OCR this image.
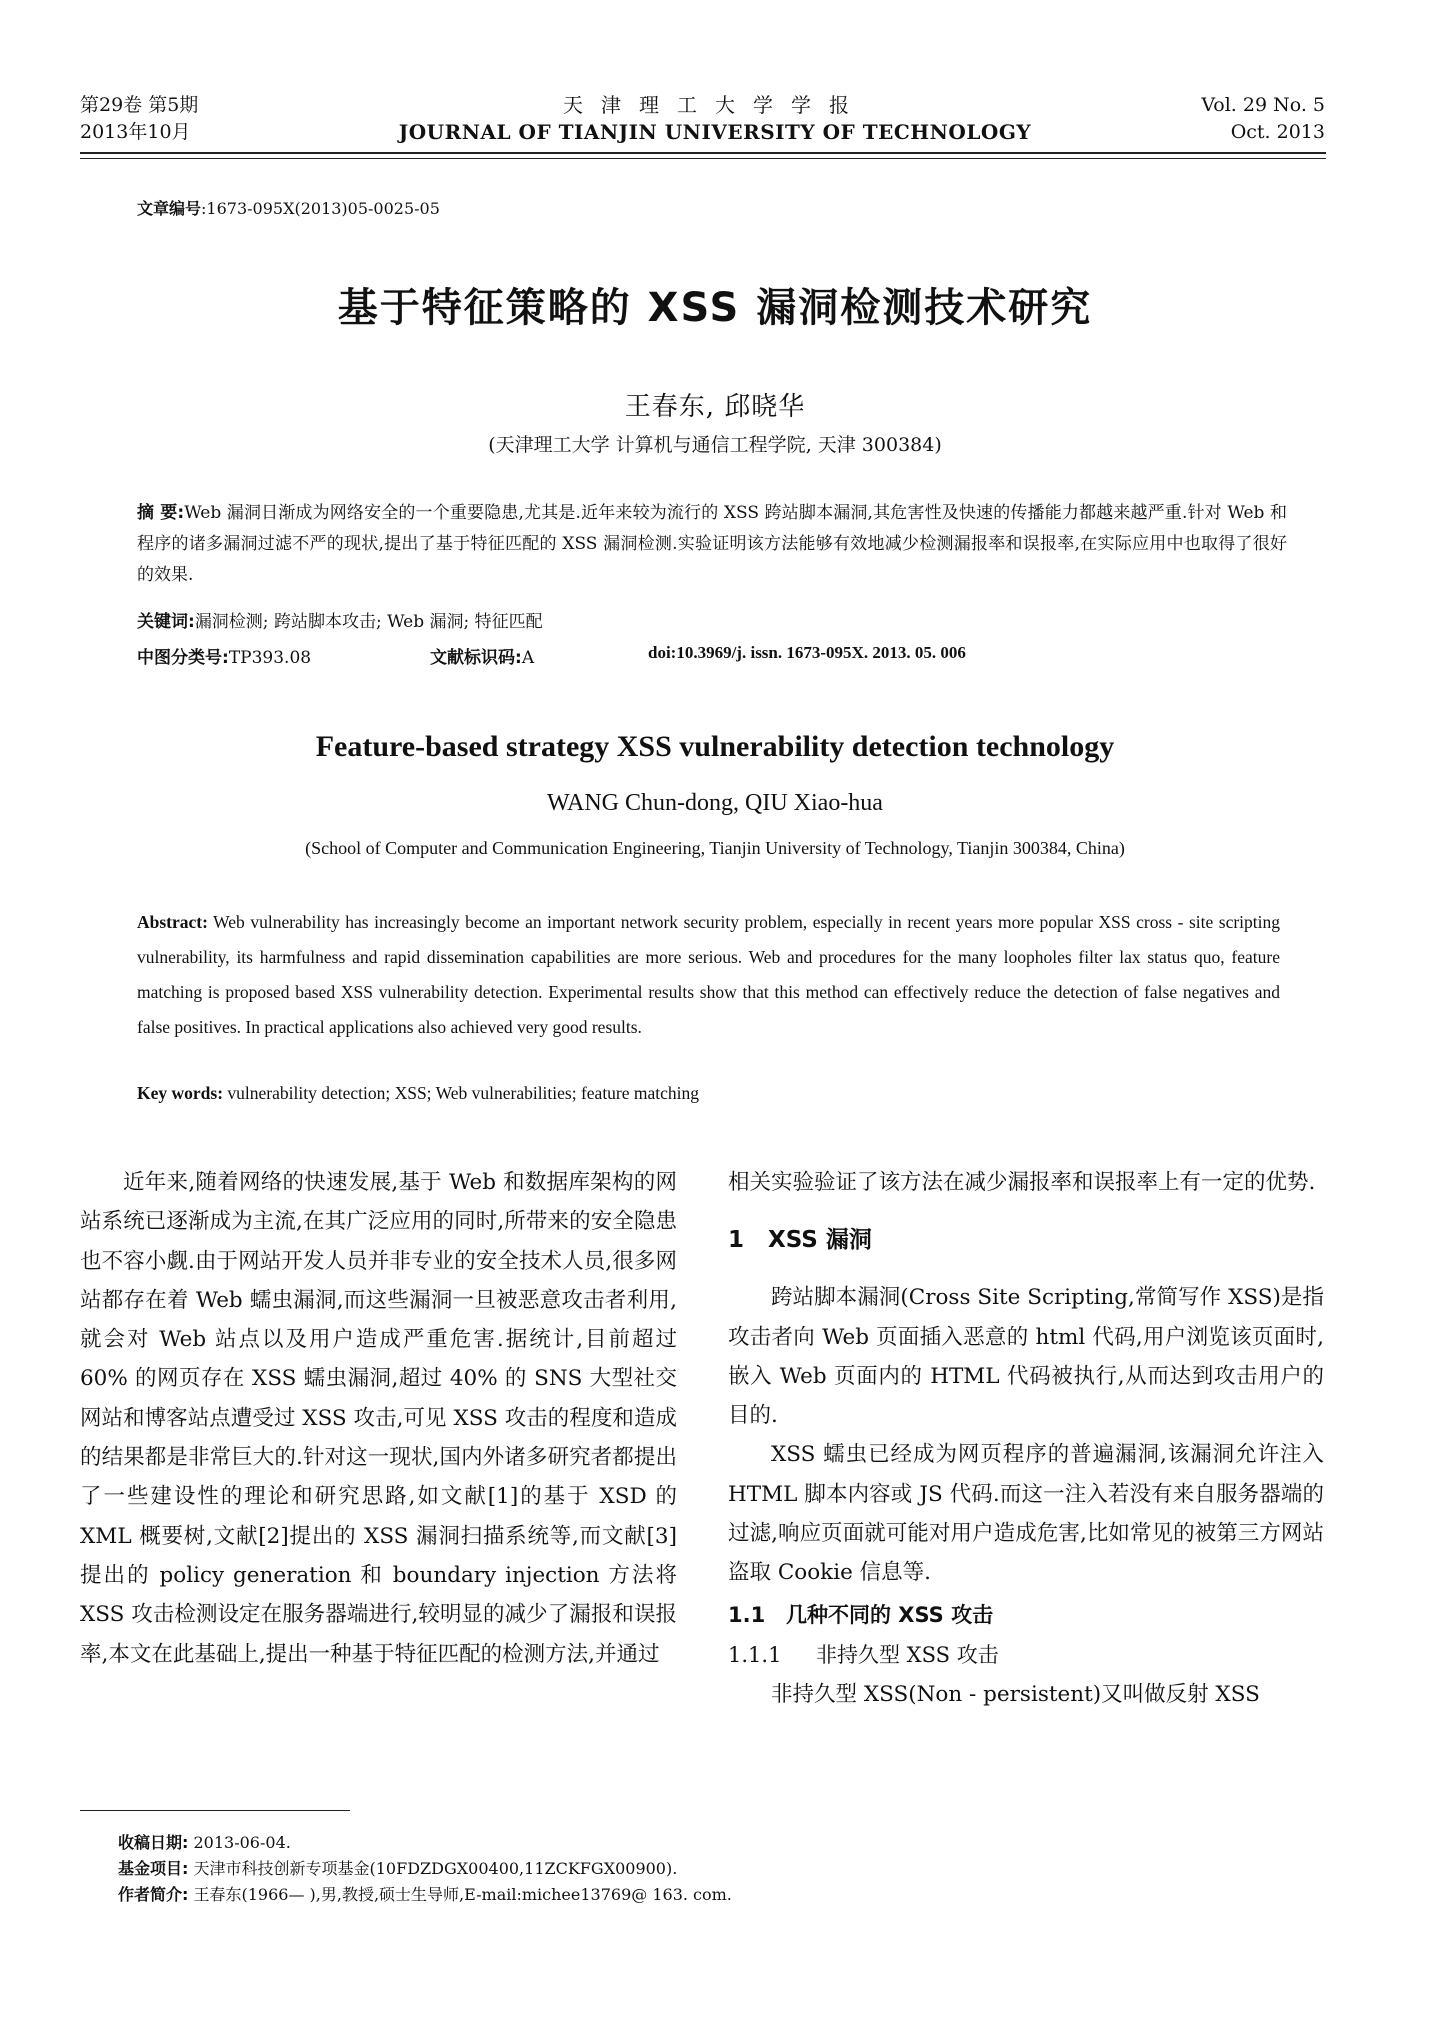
第29卷 第5期
2013年10月
天津理工大学学报
JOURNAL OF TIANJIN UNIVERSITY OF TECHNOLOGY
Vol. 29 No. 5
Oct. 2013
文章编号:1673-095X(2013)05-0025-05
基于特征策略的 XSS 漏洞检测技术研究
王春东, 邱晓华
(天津理工大学 计算机与通信工程学院, 天津 300384)
摘 要:Web 漏洞日渐成为网络安全的一个重要隐患,尤其是.近年来较为流行的 XSS 跨站脚本漏洞,其危害性及快速的传播能力都越来越严重.针对 Web 和程序的诸多漏洞过滤不严的现状,提出了基于特征匹配的 XSS 漏洞检测.实验证明该方法能够有效地减少检测漏报率和误报率,在实际应用中也取得了很好的效果.
关键词:漏洞检测; 跨站脚本攻击; Web 漏洞; 特征匹配
中图分类号:TP393.08	文献标识码:A	doi:10.3969/j. issn. 1673-095X. 2013. 05. 006
Feature-based strategy XSS vulnerability detection technology
WANG Chun-dong, QIU Xiao-hua
(School of Computer and Communication Engineering, Tianjin University of Technology, Tianjin 300384, China)
Abstract: Web vulnerability has increasingly become an important network security problem, especially in recent years more popular XSS cross - site scripting vulnerability, its harmfulness and rapid dissemination capabilities are more serious. Web and procedures for the many loopholes filter lax status quo, feature matching is proposed based XSS vulnerability detection. Experimental results show that this method can effectively reduce the detection of false negatives and false positives. In practical applications also achieved very good results.
Key words: vulnerability detection; XSS; Web vulnerabilities; feature matching

近年来,随着网络的快速发展,基于 Web 和数据库架构的网站系统已逐渐成为主流,在其广泛应用的同时,所带来的安全隐患也不容小觑.由于网站开发人员并非专业的安全技术人员,很多网站都存在着 Web 蠕虫漏洞,而这些漏洞一旦被恶意攻击者利用,就会对 Web 站点以及用户造成严重危害.据统计,目前超过 60% 的网页存在 XSS 蠕虫漏洞,超过 40% 的 SNS 大型社交网站和博客站点遭受过 XSS 攻击,可见 XSS 攻击的程度和造成的结果都是非常巨大的.针对这一现状,国内外诸多研究者都提出了一些建设性的理论和研究思路,如文献[1]的基于 XSD 的 XML 概要树,文献[2]提出的 XSS 漏洞扫描系统等,而文献[3]提出的 policy generation 和 boundary injection 方法将 XSS 攻击检测设定在服务器端进行,较明显的减少了漏报和误报率,本文在此基础上,提出一种基于特征匹配的检测方法,并通过

相关实验验证了该方法在减少漏报率和误报率上有一定的优势.

1 XSS 漏洞

跨站脚本漏洞(Cross Site Scripting,常简写作 XSS)是指攻击者向 Web 页面插入恶意的 html 代码,用户浏览该页面时,嵌入 Web 页面内的 HTML 代码被执行,从而达到攻击用户的目的.

XSS 蠕虫已经成为网页程序的普遍漏洞,该漏洞允许注入 HTML 脚本内容或 JS 代码.而这一注入若没有来自服务器端的过滤,响应页面就可能对用户造成危害,比如常见的被第三方网站盗取 Cookie 信息等.

1.1 几种不同的 XSS 攻击
1.1.1 非持久型 XSS 攻击

非持久型 XSS(Non - persistent)又叫做反射 XSS

收稿日期: 2013-06-04.
基金项目: 天津市科技创新专项基金(10FDZDGX00400,11ZCKFGX00900).
作者简介: 王春东(1966— ),男,教授,硕士生导师,E-mail:michee13769@ 163. com.
